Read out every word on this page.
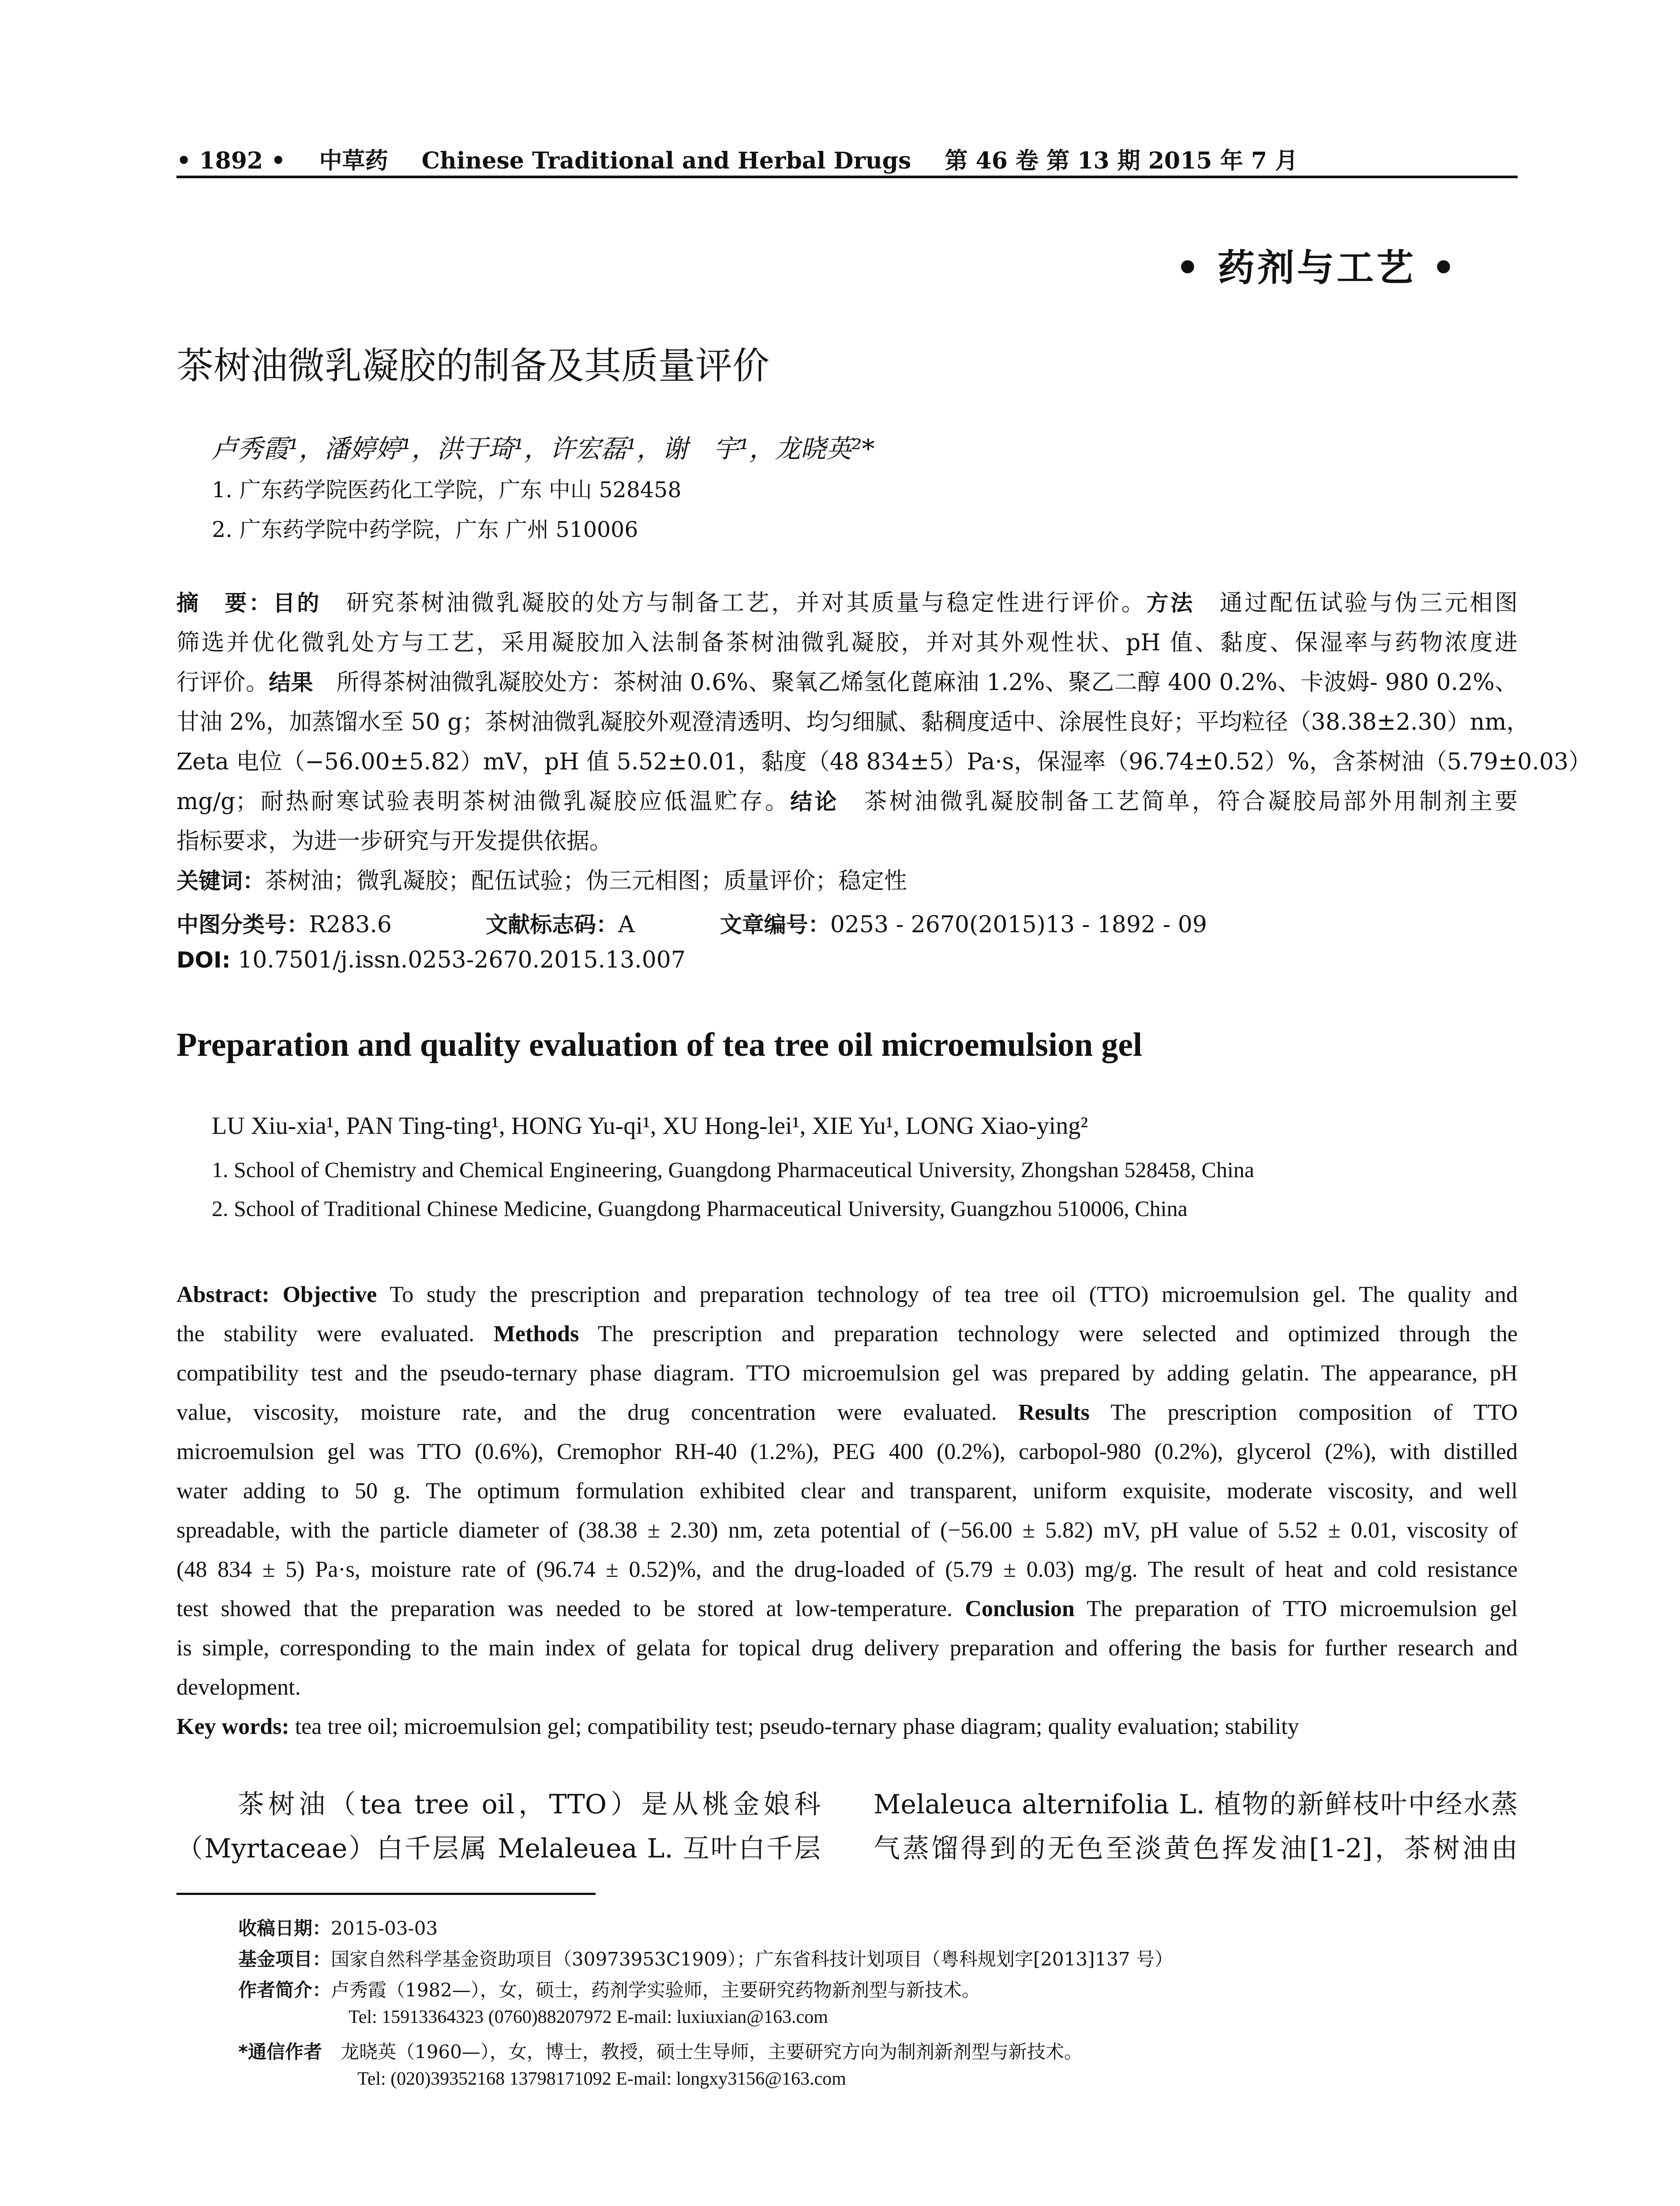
• 1892 • 中草药 Chinese Traditional and Herbal Drugs 第 46 卷 第 13 期 2015 年 7 月
• 药剂与工艺 •
茶树油微乳凝胶的制备及其质量评价
卢秀霞¹，潘婷婷¹，洪于琦¹，许宏磊¹，谢　宇¹，龙晓英²*
1. 广东药学院医药化工学院，广东 中山 528458
2. 广东药学院中药学院，广东 广州 510006
摘　要：目的　研究茶树油微乳凝胶的处方与制备工艺，并对其质量与稳定性进行评价。方法　通过配伍试验与伪三元相图
筛选并优化微乳处方与工艺，采用凝胶加入法制备茶树油微乳凝胶，并对其外观性状、pH 值、黏度、保湿率与药物浓度进
行评价。结果　所得茶树油微乳凝胶处方：茶树油 0.6%、聚氧乙烯氢化蓖麻油 1.2%、聚乙二醇 400 0.2%、卡波姆- 980 0.2%、
甘油 2%，加蒸馏水至 50 g；茶树油微乳凝胶外观澄清透明、均匀细腻、黏稠度适中、涂展性良好；平均粒径（38.38±2.30）nm，
Zeta 电位（−56.00±5.82）mV，pH 值 5.52±0.01，黏度（48 834±5）Pa·s，保湿率（96.74±0.52）%，含茶树油（5.79±0.03）
mg/g；耐热耐寒试验表明茶树油微乳凝胶应低温贮存。结论　茶树油微乳凝胶制备工艺简单，符合凝胶局部外用制剂主要
指标要求，为进一步研究与开发提供依据。
关键词：茶树油；微乳凝胶；配伍试验；伪三元相图；质量评价；稳定性
中图分类号：R283.6	文献标志码：A	文章编号：0253 - 2670(2015)13 - 1892 - 09
DOI: 10.7501/j.issn.0253-2670.2015.13.007
Preparation and quality evaluation of tea tree oil microemulsion gel
LU Xiu-xia¹, PAN Ting-ting¹, HONG Yu-qi¹, XU Hong-lei¹, XIE Yu¹, LONG Xiao-ying²
1. School of Chemistry and Chemical Engineering, Guangdong Pharmaceutical University, Zhongshan 528458, China
2. School of Traditional Chinese Medicine, Guangdong Pharmaceutical University, Guangzhou 510006, China
Abstract: Objective To study the prescription and preparation technology of tea tree oil (TTO) microemulsion gel. The quality and
the stability were evaluated. Methods The prescription and preparation technology were selected and optimized through the
compatibility test and the pseudo-ternary phase diagram. TTO microemulsion gel was prepared by adding gelatin. The appearance, pH
value, viscosity, moisture rate, and the drug concentration were evaluated. Results The prescription composition of TTO
microemulsion gel was TTO (0.6%), Cremophor RH-40 (1.2%), PEG 400 (0.2%), carbopol-980 (0.2%), glycerol (2%), with distilled
water adding to 50 g. The optimum formulation exhibited clear and transparent, uniform exquisite, moderate viscosity, and well
spreadable, with the particle diameter of (38.38 ± 2.30) nm, zeta potential of (−56.00 ± 5.82) mV, pH value of 5.52 ± 0.01, viscosity of
(48 834 ± 5) Pa·s, moisture rate of (96.74 ± 0.52)%, and the drug-loaded of (5.79 ± 0.03) mg/g. The result of heat and cold resistance
test showed that the preparation was needed to be stored at low-temperature. Conclusion The preparation of TTO microemulsion gel
is simple, corresponding to the main index of gelata for topical drug delivery preparation and offering the basis for further research and
development.
Key words: tea tree oil; microemulsion gel; compatibility test; pseudo-ternary phase diagram; quality evaluation; stability
　　茶树油（tea tree oil，TTO）是从桃金娘科
（Myrtaceae）白千层属 Melaleuea L. 互叶白千层
Melaleuca alternifolia L. 植物的新鲜枝叶中经水蒸
气蒸馏得到的无色至淡黄色挥发油[1-2]，茶树油由
收稿日期：2015-03-03
基金项目：国家自然科学基金资助项目（30973953C1909）；广东省科技计划项目（粤科规划字[2013]137 号）
作者简介：卢秀霞（1982—），女，硕士，药剂学实验师，主要研究药物新剂型与新技术。
Tel: 15913364323 (0760)88207972 E-mail: luxiuxian@163.com
*通信作者　 龙晓英（1960—），女，博士，教授，硕士生导师，主要研究方向为制剂新剂型与新技术。
Tel: (020)39352168 13798171092 E-mail: longxy3156@163.com
